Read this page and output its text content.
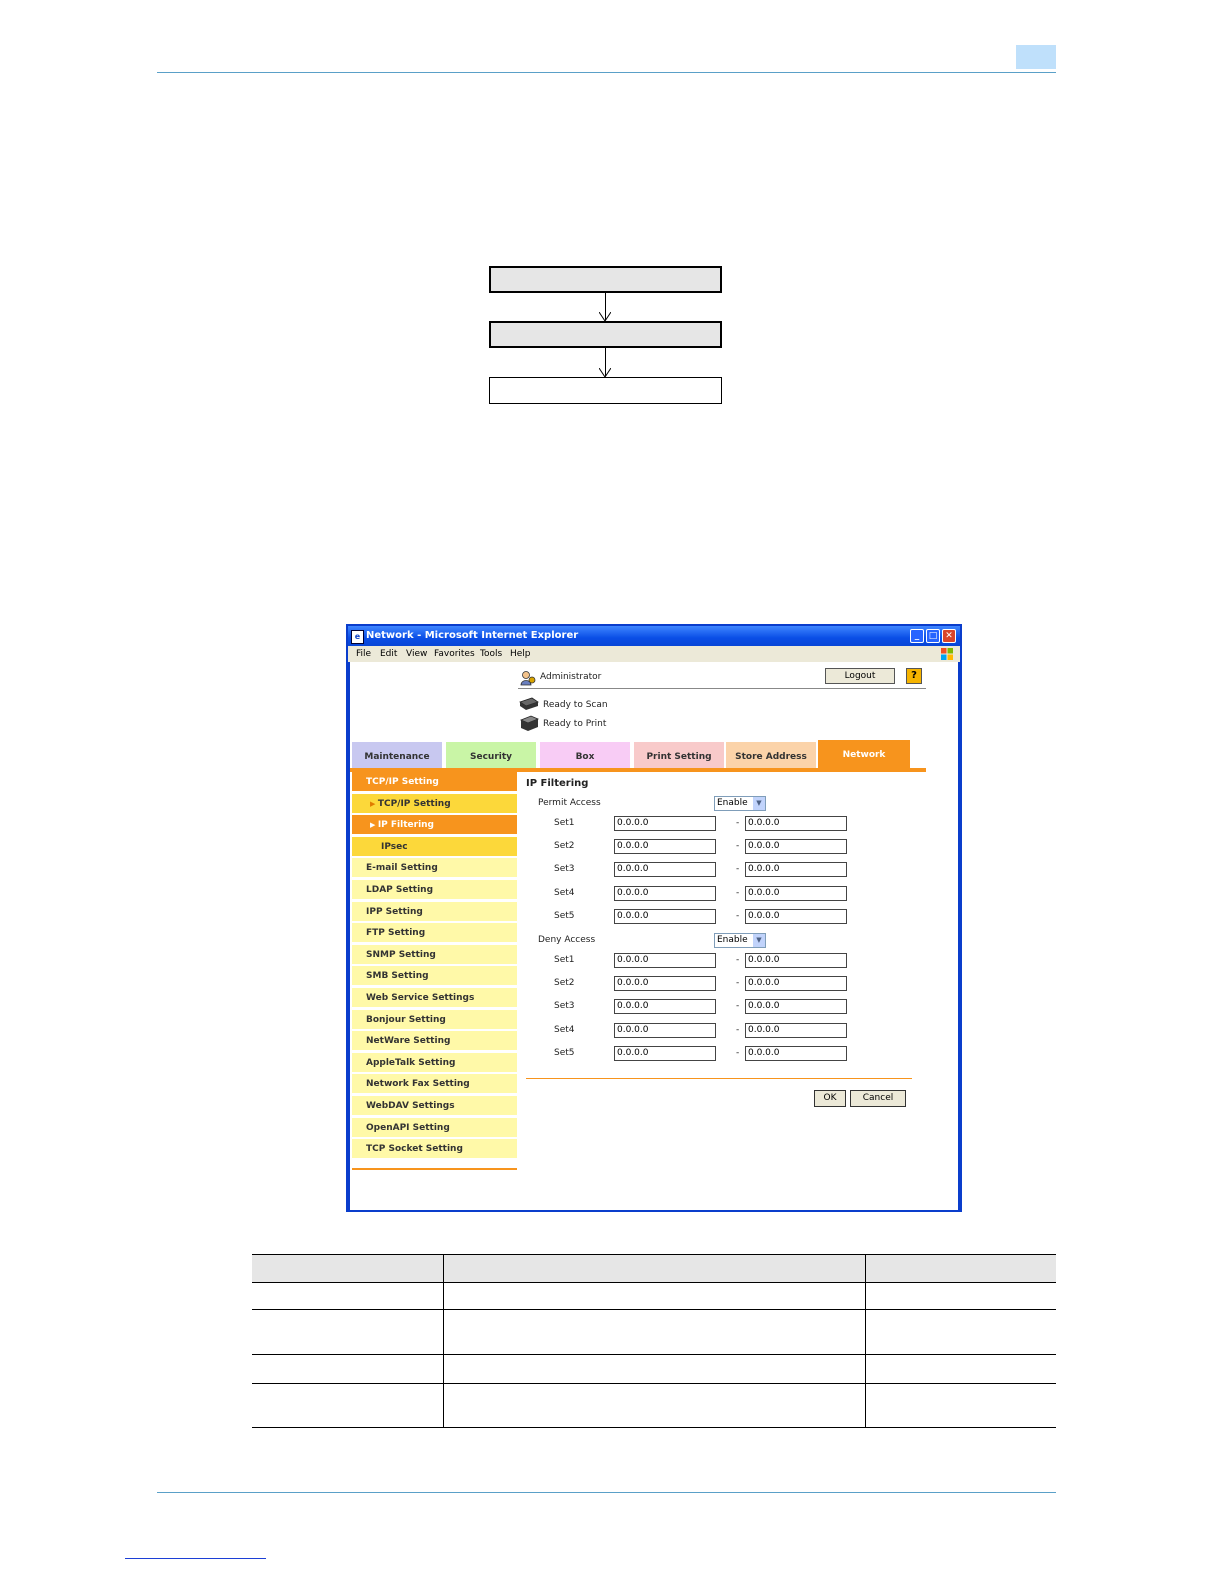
e Network - Microsoft Internet Explorer	_	□ ✕
File Edit View Favorites Tools Help
Administrator	Logout	?
Ready to Scan
Ready to Print
Maintenance	Security	Box	Print Setting	Store Address	Network
TCP/IP Setting
▶ TCP/IP Setting
▶ IP Filtering
IPsec
E-mail Setting
LDAP Setting
IPP Setting
FTP Setting
SNMP Setting
SMB Setting
Web Service Settings
Bonjour Setting
NetWare Setting
AppleTalk Setting
Network Fax Setting
WebDAV Settings
OpenAPI Setting
TCP Socket Setting
IP Filtering
Permit Access	Enable	▼
Set1	0.0.0.0	- 0.0.0.0
Set2	0.0.0.0	- 0.0.0.0
Set3	0.0.0.0	- 0.0.0.0
Set4	0.0.0.0	- 0.0.0.0
Set5	0.0.0.0	- 0.0.0.0
Deny Access	Enable	▼
Set1	0.0.0.0	- 0.0.0.0
Set2	0.0.0.0	- 0.0.0.0
Set3	0.0.0.0	- 0.0.0.0
Set4	0.0.0.0	- 0.0.0.0
Set5	0.0.0.0	- 0.0.0.0
OK	Cancel
